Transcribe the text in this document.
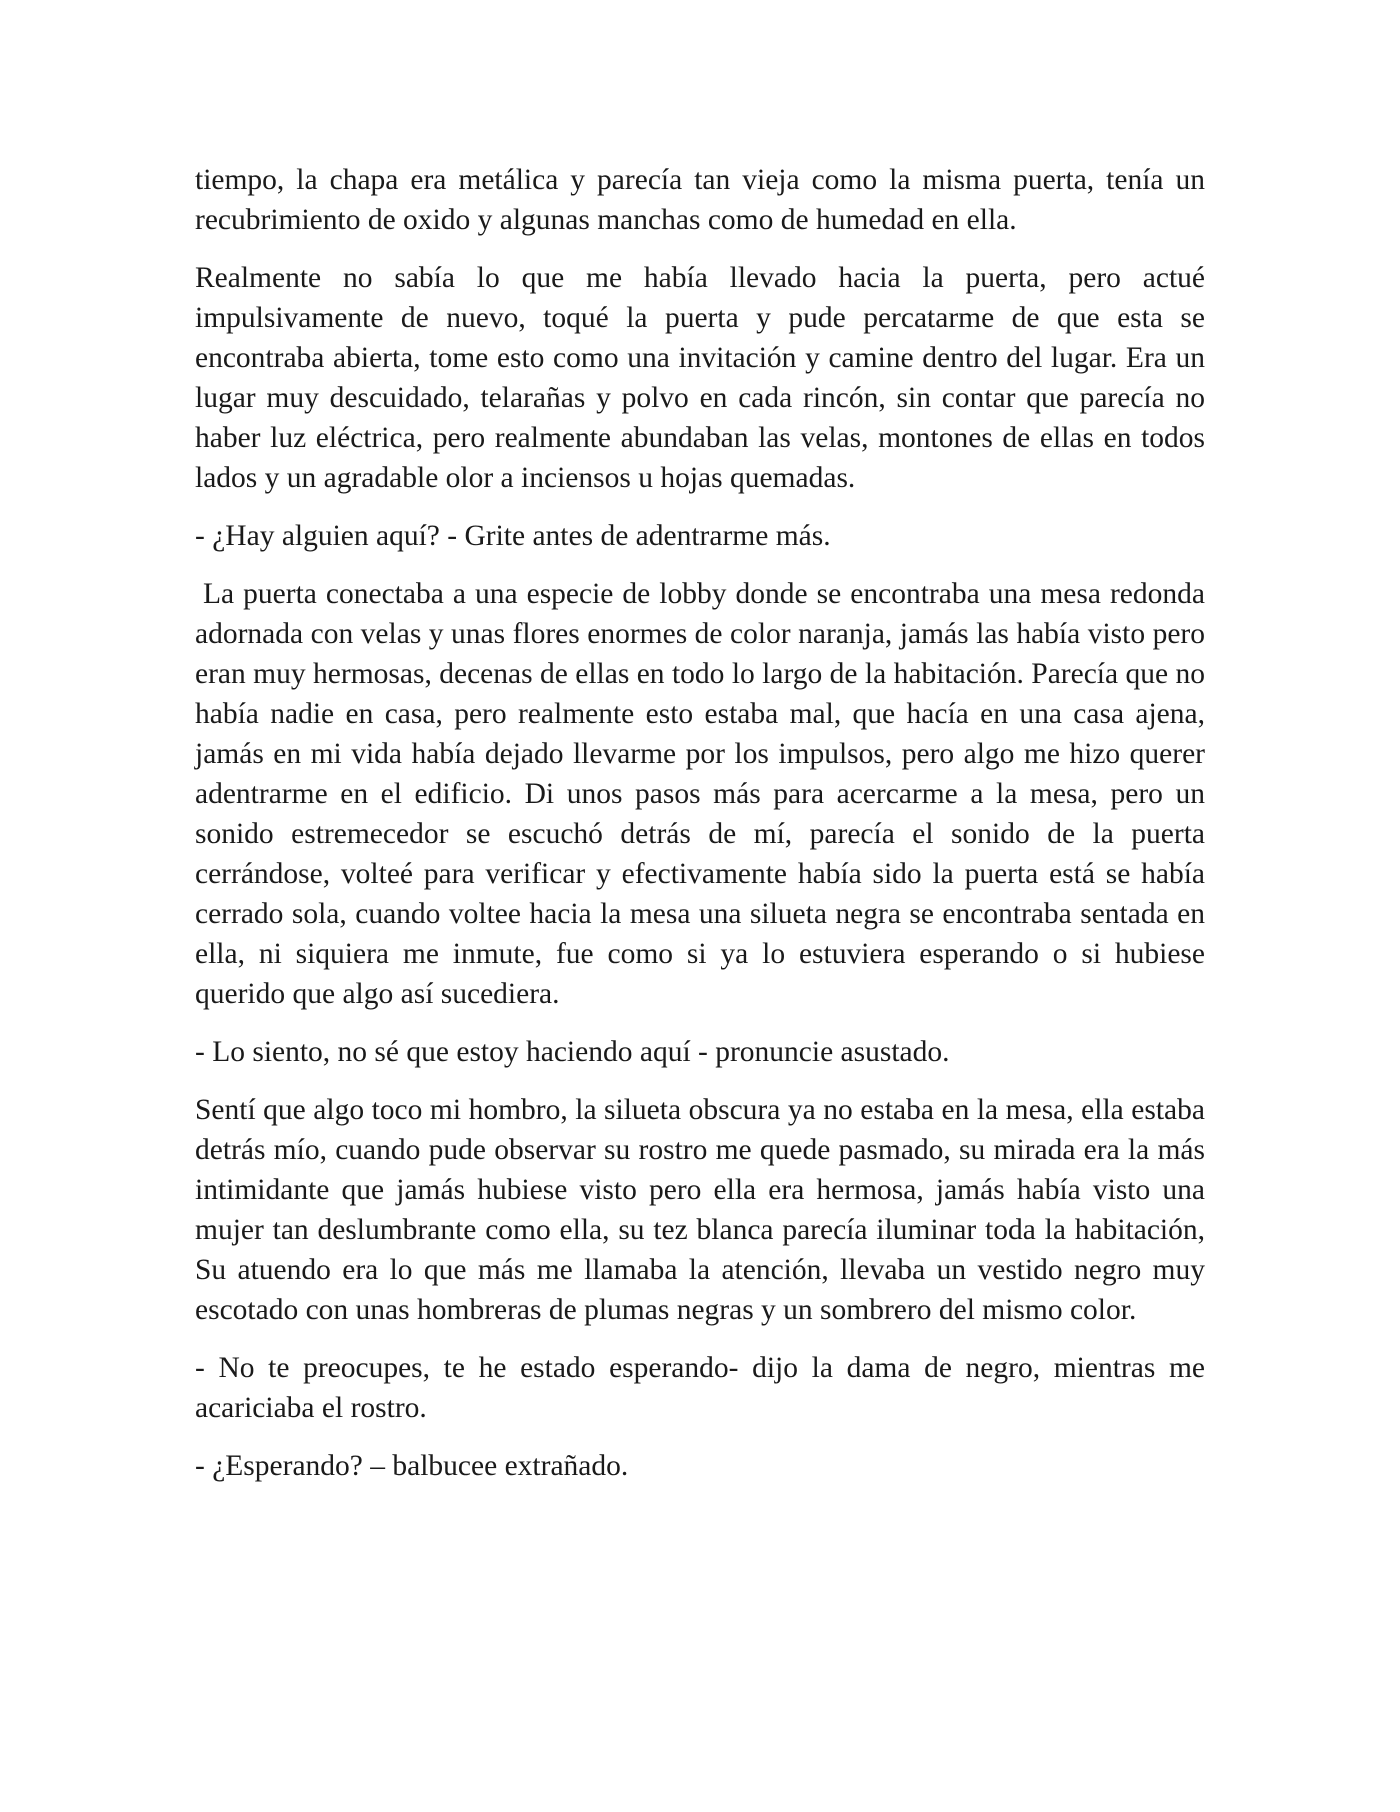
tiempo, la chapa era metálica y parecía tan vieja como la misma puerta, tenía un recubrimiento de oxido y algunas manchas como de humedad en ella.

Realmente no sabía lo que me había llevado hacia la puerta, pero actué impulsivamente de nuevo, toqué la puerta y pude percatarme de que esta se encontraba abierta, tome esto como una invitación y camine dentro del lugar. Era un lugar muy descuidado, telarañas y polvo en cada rincón, sin contar que parecía no haber luz eléctrica, pero realmente abundaban las velas, montones de ellas en todos lados y un agradable olor a inciensos u hojas quemadas.

- ¿Hay alguien aquí? - Grite antes de adentrarme más.

La puerta conectaba a una especie de lobby donde se encontraba una mesa redonda adornada con velas y unas flores enormes de color naranja, jamás las había visto pero eran muy hermosas, decenas de ellas en todo lo largo de la habitación. Parecía que no había nadie en casa, pero realmente esto estaba mal, que hacía en una casa ajena, jamás en mi vida había dejado llevarme por los impulsos, pero algo me hizo querer adentrarme en el edificio. Di unos pasos más para acercarme a la mesa, pero un sonido estremecedor se escuchó detrás de mí, parecía el sonido de la puerta cerrándose, volteé para verificar y efectivamente había sido la puerta está se había cerrado sola, cuando voltee hacia la mesa una silueta negra se encontraba sentada en ella, ni siquiera me inmute, fue como si ya lo estuviera esperando o si hubiese querido que algo así sucediera.

- Lo siento, no sé que estoy haciendo aquí - pronuncie asustado.

Sentí que algo toco mi hombro, la silueta obscura ya no estaba en la mesa, ella estaba detrás mío, cuando pude observar su rostro me quede pasmado, su mirada era la más intimidante que jamás hubiese visto pero ella era hermosa, jamás había visto una mujer tan deslumbrante como ella, su tez blanca parecía iluminar toda la habitación, Su atuendo era lo que más me llamaba la atención, llevaba un vestido negro muy escotado con unas hombreras de plumas negras y un sombrero del mismo color.

- No te preocupes, te he estado esperando- dijo la dama de negro, mientras me acariciaba el rostro.

- ¿Esperando? – balbucee extrañado.
